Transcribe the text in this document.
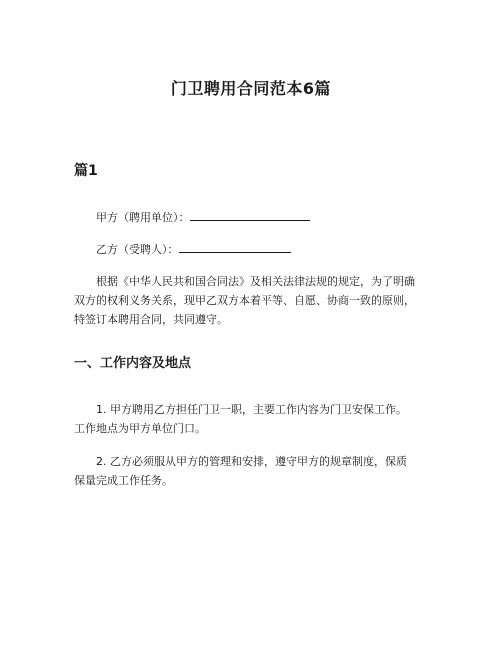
门卫聘用合同范本6篇
篇1
甲方（聘用单位）：
乙方（受聘人）：
根据《中华人民共和国合同法》及相关法律法规的规定，为了明确
双方的权利义务关系，现甲乙双方本着平等、自愿、协商一致的原则，
特签订本聘用合同，共同遵守。
一、工作内容及地点
1. 甲方聘用乙方担任门卫一职，主要工作内容为门卫安保工作。
工作地点为甲方单位门口。
2. 乙方必须服从甲方的管理和安排，遵守甲方的规章制度，保质
保量完成工作任务。
